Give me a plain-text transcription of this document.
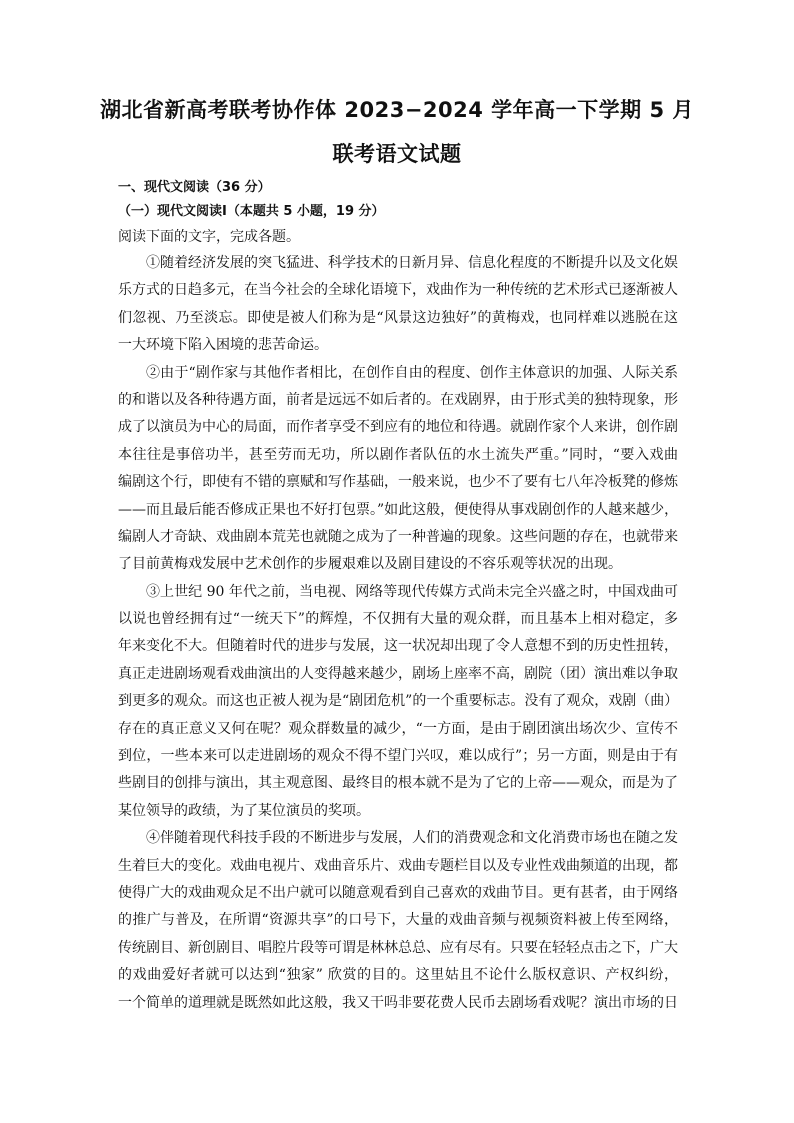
湖北省新高考联考协作体 2023−2024 学年高一下学期 5 月
联考语文试题
一、现代文阅读（36 分）
（一）现代文阅读Ⅰ（本题共 5 小题，19 分）
阅读下面的文字，完成各题。
①随着经济发展的突飞猛进、科学技术的日新月异、信息化程度的不断提升以及文化娱
乐方式的日趋多元，在当今社会的全球化语境下，戏曲作为一种传统的艺术形式已逐渐被人
们忽视、乃至淡忘。即使是被人们称为是“风景这边独好”的黄梅戏，也同样难以逃脱在这
一大环境下陷入困境的悲苦命运。
②由于“剧作家与其他作者相比，在创作自由的程度、创作主体意识的加强、人际关系
的和谐以及各种待遇方面，前者是远远不如后者的。在戏剧界，由于形式美的独特现象，形
成了以演员为中心的局面，而作者享受不到应有的地位和待遇。就剧作家个人来讲，创作剧
本往往是事倍功半，甚至劳而无功，所以剧作者队伍的水土流失严重。”同时，“要入戏曲
编剧这个行，即使有不错的禀赋和写作基础，一般来说，也少不了要有七八年冷板凳的修炼
——而且最后能否修成正果也不好打包票。”如此这般，便使得从事戏剧创作的人越来越少，
编剧人才奇缺、戏曲剧本荒芜也就随之成为了一种普遍的现象。这些问题的存在，也就带来
了目前黄梅戏发展中艺术创作的步履艰难以及剧目建设的不容乐观等状况的出现。
③上世纪 90 年代之前，当电视、网络等现代传媒方式尚未完全兴盛之时，中国戏曲可
以说也曾经拥有过“一统天下”的辉煌，不仅拥有大量的观众群，而且基本上相对稳定，多
年来变化不大。但随着时代的进步与发展，这一状况却出现了令人意想不到的历史性扭转，
真正走进剧场观看戏曲演出的人变得越来越少，剧场上座率不高，剧院（团）演出难以争取
到更多的观众。而这也正被人视为是“剧团危机”的一个重要标志。没有了观众，戏剧（曲）
存在的真正意义又何在呢？观众群数量的减少，“一方面，是由于剧团演出场次少、宣传不
到位，一些本来可以走进剧场的观众不得不望门兴叹，难以成行”；另一方面，则是由于有
些剧目的创排与演出，其主观意图、最终目的根本就不是为了它的上帝——观众，而是为了
某位领导的政绩，为了某位演员的奖项。
④伴随着现代科技手段的不断进步与发展，人们的消费观念和文化消费市场也在随之发
生着巨大的变化。戏曲电视片、戏曲音乐片、戏曲专题栏目以及专业性戏曲频道的出现，都
使得广大的戏曲观众足不出户就可以随意观看到自己喜欢的戏曲节目。更有甚者，由于网络
的推广与普及，在所谓“资源共享”的口号下，大量的戏曲音频与视频资料被上传至网络，
传统剧目、新创剧目、唱腔片段等可谓是林林总总、应有尽有。只要在轻轻点击之下，广大
的戏曲爱好者就可以达到“独家” 欣赏的目的。这里姑且不论什么版权意识、产权纠纷，
一个简单的道理就是既然如此这般，我又干吗非要花费人民币去剧场看戏呢？演出市场的日
